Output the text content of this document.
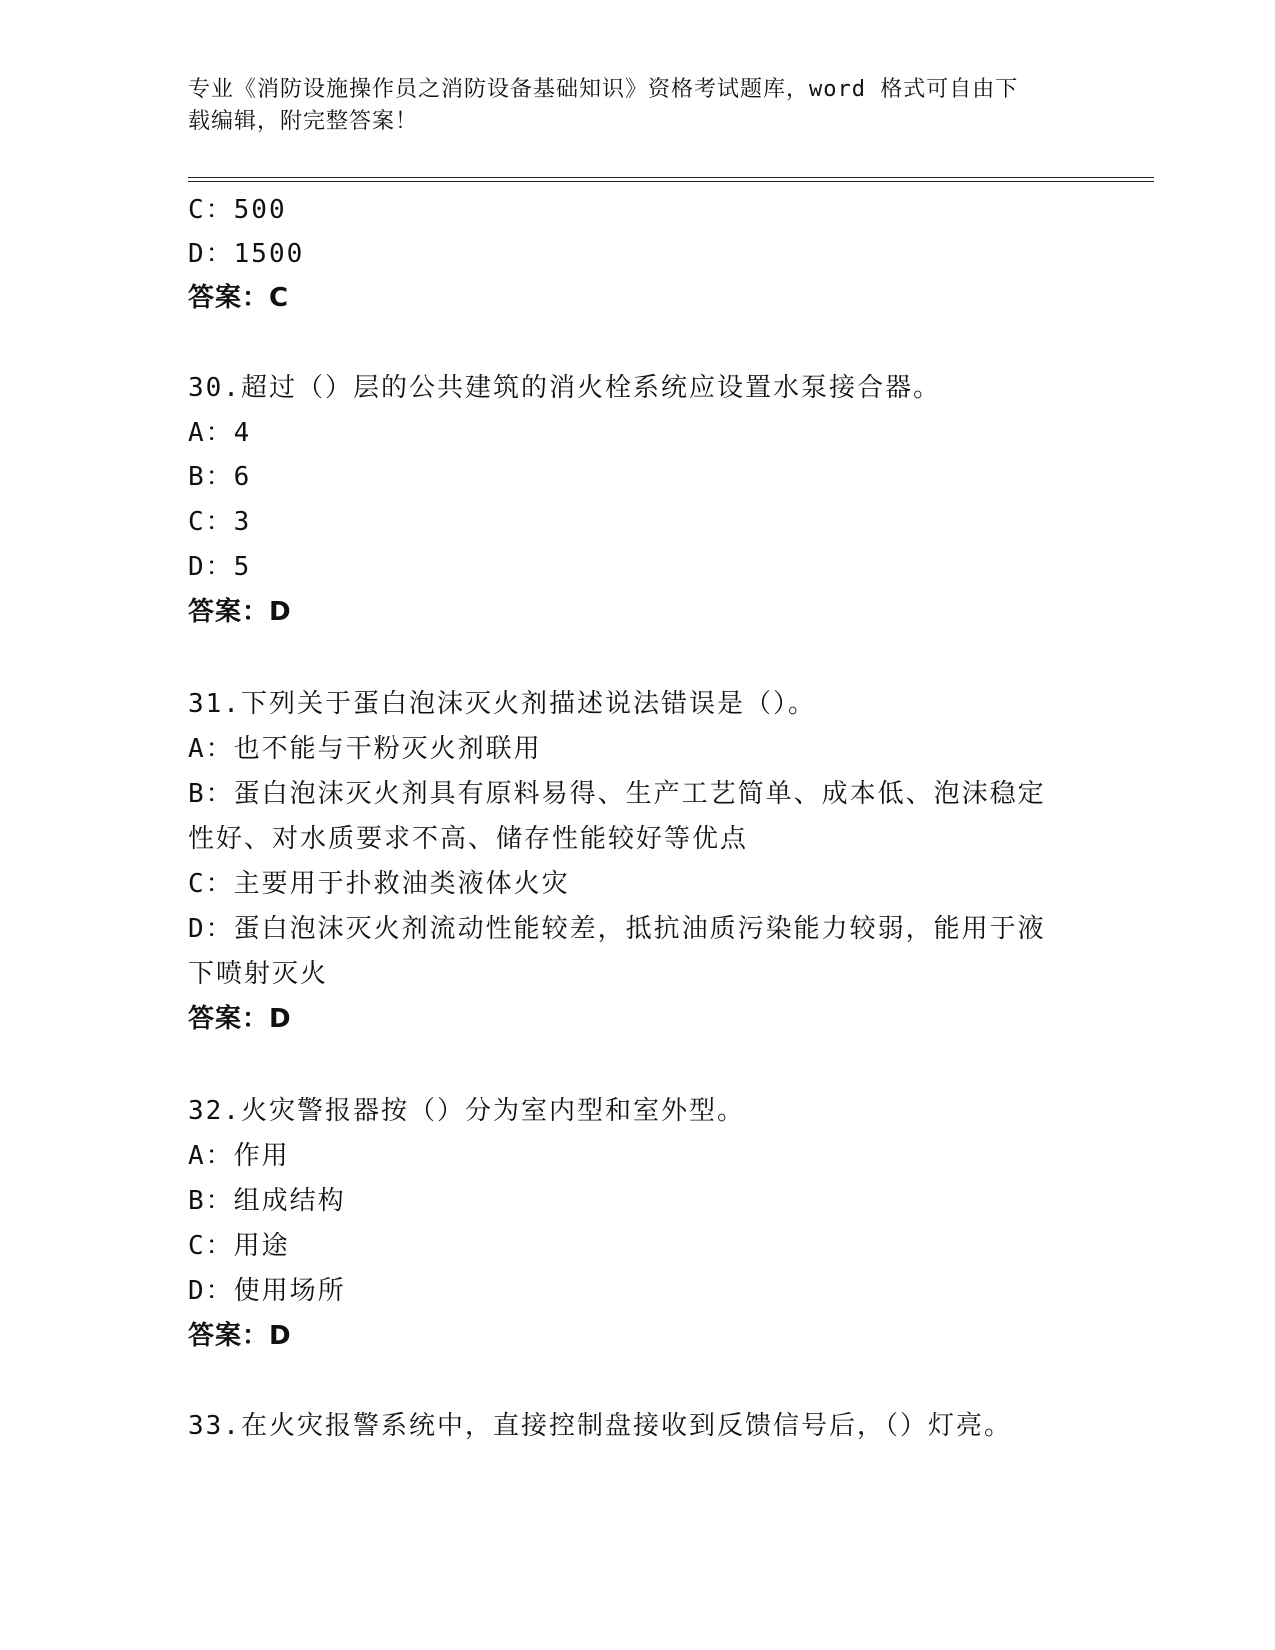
专业《消防设施操作员之消防设备基础知识》资格考试题库，word 格式可自由下
载编辑，附完整答案！
C：500
D：1500
答案：C
30.超过（）层的公共建筑的消火栓系统应设置水泵接合器。
A：4
B：6
C：3
D：5
答案：D
31.下列关于蛋白泡沫灭火剂描述说法错误是（）。
A：也不能与干粉灭火剂联用
B：蛋白泡沫灭火剂具有原料易得、生产工艺简单、成本低、泡沫稳定
性好、对水质要求不高、储存性能较好等优点
C：主要用于扑救油类液体火灾
D：蛋白泡沫灭火剂流动性能较差，抵抗油质污染能力较弱，能用于液
下喷射灭火
答案：D
32.火灾警报器按（）分为室内型和室外型。
A：作用
B：组成结构
C：用途
D：使用场所
答案：D
33.在火灾报警系统中，直接控制盘接收到反馈信号后，（）灯亮。
